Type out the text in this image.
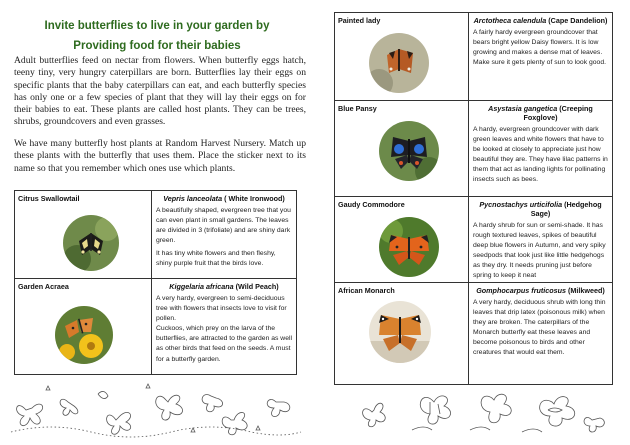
Invite butterflies to live in your garden by
Providing food for their babies

Adult butterflies feed on nectar from flowers. When butterfly eggs hatch, teeny tiny, very hungry caterpillars are born. Butterflies lay their eggs on specific plants that the baby caterpillars can eat, and each butterfly species has only one or a few species of plant that they will lay their eggs on for their babies to eat. These plants are called host plants. They can be trees, shrubs, groundcovers and even grasses.

We have many butterfly host plants at Random Harvest Nursery. Match up these plants with the butterfly that uses them. Place the sticker next to its name so that you remember which ones use which plants.

Citrus Swallowtail	Vepris lanceolata ( White Ironwood)

A beautifully shaped, evergreen tree that you can even plant in small gardens. The leaves are divided in 3 (trifoliate) and are shiny dark green.

It has tiny white flowers and then fleshy, shiny purple fruit that the birds love.

Garden Acraea	Kiggelaria africana (Wild Peach)

A very hardy, evergreen to semi-deciduous tree with flowers that insects love to visit for pollen.

Cuckoos, which prey on the larva of the butterflies, are attracted to the garden as well as other birds that feed on the seeds. A must for a butterfly garden.

Painted lady	Arctotheca calendula (Cape Dandelion)

A fairly hardy evergreen groundcover that bears bright yellow Daisy flowers. It is low growing and makes a dense mat of leaves. Make sure it gets plenty of sun to look good.

Blue Pansy	Asystasia gangetica (Creeping Foxglove)

A hardy, evergreen groundcover with dark green leaves and white flowers that have to be looked at closely to appreciate just how beautiful they are. They have lilac patterns in them that act as landing lights for pollinating insects such as bees.

Gaudy Commodore	Pycnostachys urticifolia (Hedgehog Sage)

A hardy shrub for sun or semi-shade. It has rough textured leaves, spikes of beautiful deep blue flowers in Autumn, and very spiky seedpods that look just like little hedgehogs as they dry. It needs pruning just before spring to keep it neat

African Monarch	Gomphocarpus fruticosus (Milkweed)

A very hardy, deciduous shrub with long thin leaves that drip latex (poisonous milk) when they are broken. The caterpillars of the Monarch butterfly eat these leaves and become poisonous to birds and other creatures that would eat them.
